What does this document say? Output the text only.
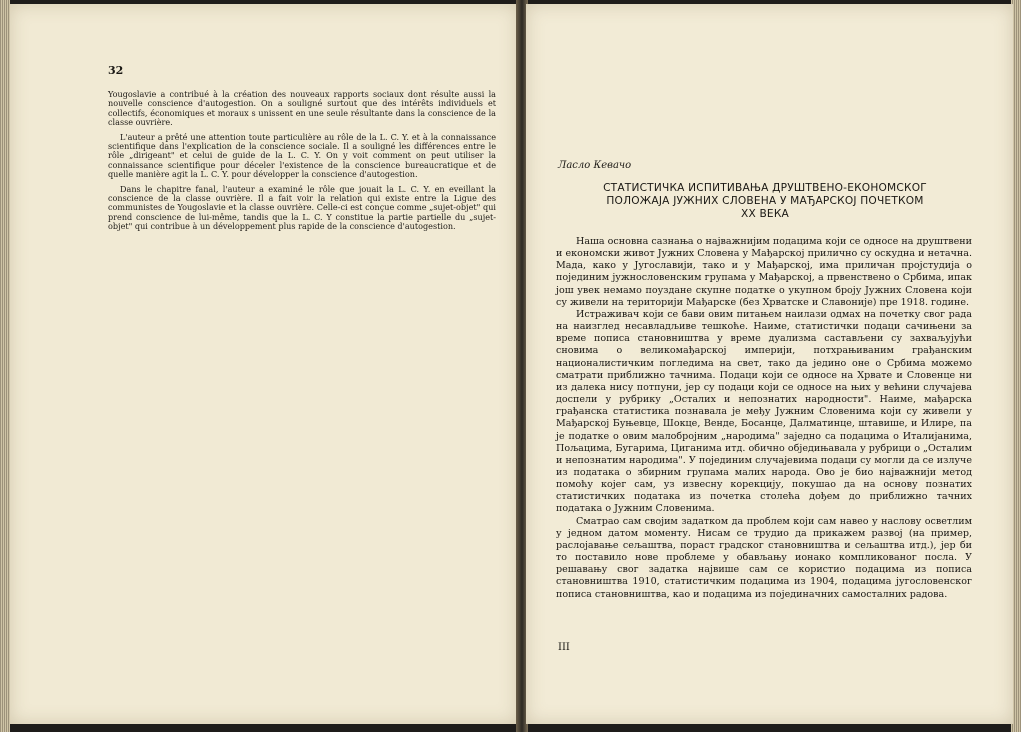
32

Yougoslavie a contribué à la création des nouveaux rapports sociaux dont résulte aussi la nouvelle conscience d'autogestion. On a souligné surtout que des intérêts individuels et collectifs, économiques et moraux s unissent en une seule résultante dans la conscience de la classe ouvrière.

L'auteur a prêté une attention toute particulière au rôle de la L. C. Y. et à la connaissance scientifique dans l'explication de la conscience sociale. Il a souligné les différences entre le rôle „dirigeant" et celui de guide de la L. C. Y. On y voit comment on peut utiliser la connaissance scientifique pour déceler l'existence de la conscience bureaucratique et de quelle manière agit la L. C. Y. pour développer la conscience d'autogestion.

Dans le chapitre fanal, l'auteur a examiné le rôle que jouait la L. C. Y. en eveillant la conscience de la classe ouvrière. Il a fait voir la relation qui existe entre la Ligue des communistes de Yougoslavie et la classe ouvrière. Celle-ci est conçue comme „sujet-objet" qui prend conscience de lui-même, tandis que la L. C. Y constitue la partie partielle du „sujet-objet" qui contribue à un développement plus rapide de la conscience d'autogestion.

Ласло Кевачо
СТАТИСТИЧКА ИСПИТИВАЊА ДРУШТВЕНО-ЕКОНОМСКОГ
ПОЛОЖАЈА ЈУЖНИХ СЛОВЕНА У МАЂАРСКОЈ ПОЧЕТКОМ
XX ВЕКА

Наша основна сазнања о најважнијим подацима који се односе на друштвени и економски живот Јужних Словена у Мађарској прилично су оскудна и нетачна. Мада, како у Југославији, тако и у Мађарској, има приличан пројстудија о појединим јужнословенским групама у Мађарској, а првенствено о Србима, ипак још увек немамо поуздане скупне податке о укупном броју Јужних Словена који су живели на територији Мађарске (без Хрватске и Славоније) пре 1918. године.

Истраживач који се бави овим питањем наилази одмах на почетку свог рада на наизглед несавладљиве тешкоће. Наиме, статистички подаци сачињени за време пописа становништва у време дуализма састављени су захваљујући сновима о великомађарској империји, потхрањиваним грађанским националистичким погледима на свет, тако да једино оне о Србима можемо сматрати приближно тачнима. Подаци који се односе на Хрвате и Словенце ни из далека нису потпуни, јер су подаци који се односе на њих у већини случајева доспели у рубрику „Осталих и непознатих народности". Наиме, мађарска грађанска статистика познавала је међу Јужним Словенима који су живели у Мађарској Буњевце, Шокце, Венде, Босанце, Далматинце, штавише, и Илире, па је податке о овим малобројним „народима" заједно са подацима о Италијанима, Пољацима, Бугарима, Циганима итд. обично обједињавала у рубрици о „Осталим и непознатим народима". У појединим случајевима подаци су могли да се излуче из података о збирним групама малих народа. Ово је био најважнији метод помоћу којег сам, уз извесну корекцију, покушао да на основу познатих статистичких података из почетка столећа дођем до приближно тачних података о Јужним Словенима.

Сматрао сам својим задатком да проблем који сам навео у наслову осветлим у једном датом моменту. Нисам се трудио да прикажем развој (на пример, раслојавање сељаштва, пораст градског становништва и сељаштва итд.), јер би то поставило нове проблеме у обављању ионако компликованог посла. У решавању свог задатка највише сам се користио подацима из пописа становништва 1910, статистичким подацима из 1904, подацима југословенског пописа становништва, као и подацима из појединачних самосталних радова.

III
